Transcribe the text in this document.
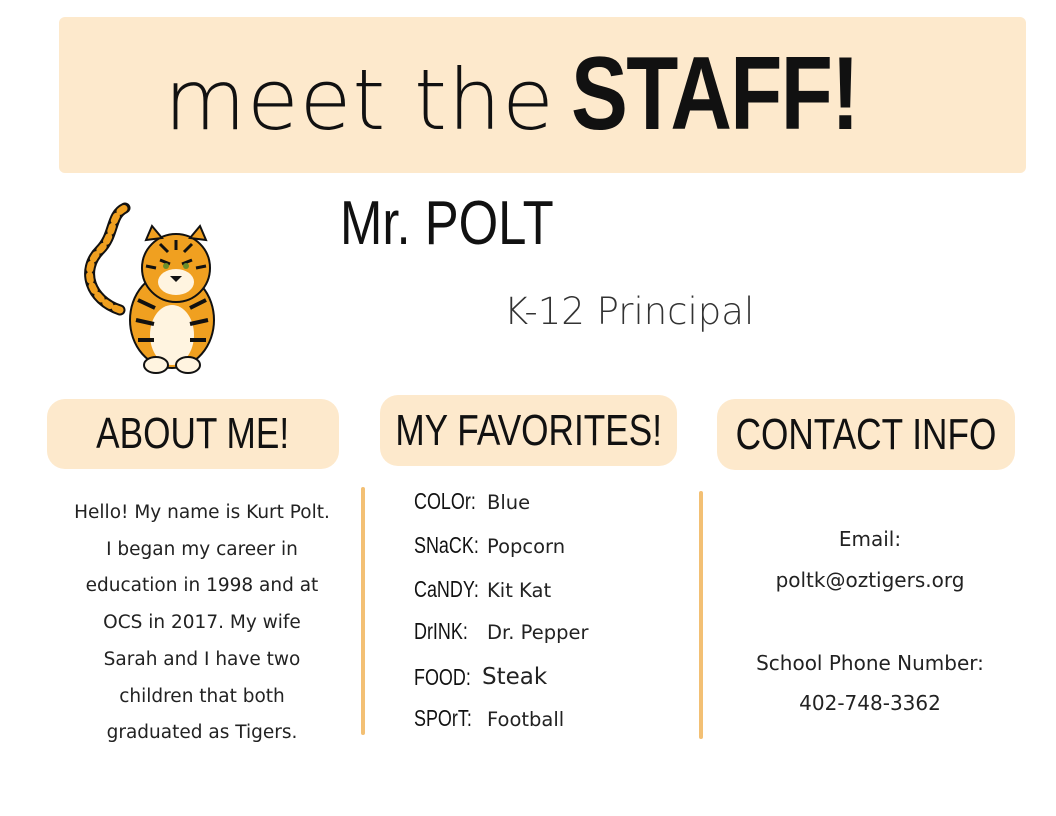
meet the STAFF!
Mr. POLT
K-12 Principal
ABOUT ME! MY FAVORITES! CONTACT INFO
Hello! My name is Kurt Polt.
I began my career in
education in 1998 and at
OCS in 2017. My wife
Sarah and I have two
children that both
graduated as Tigers.
COLOr: Blue
SNaCK: Popcorn
CaNDY: Kit Kat
DrINK: Dr. Pepper
FOOD: Steak
SPOrT: Football
Email:
poltk@oztigers.org
School Phone Number:
402-748-3362
